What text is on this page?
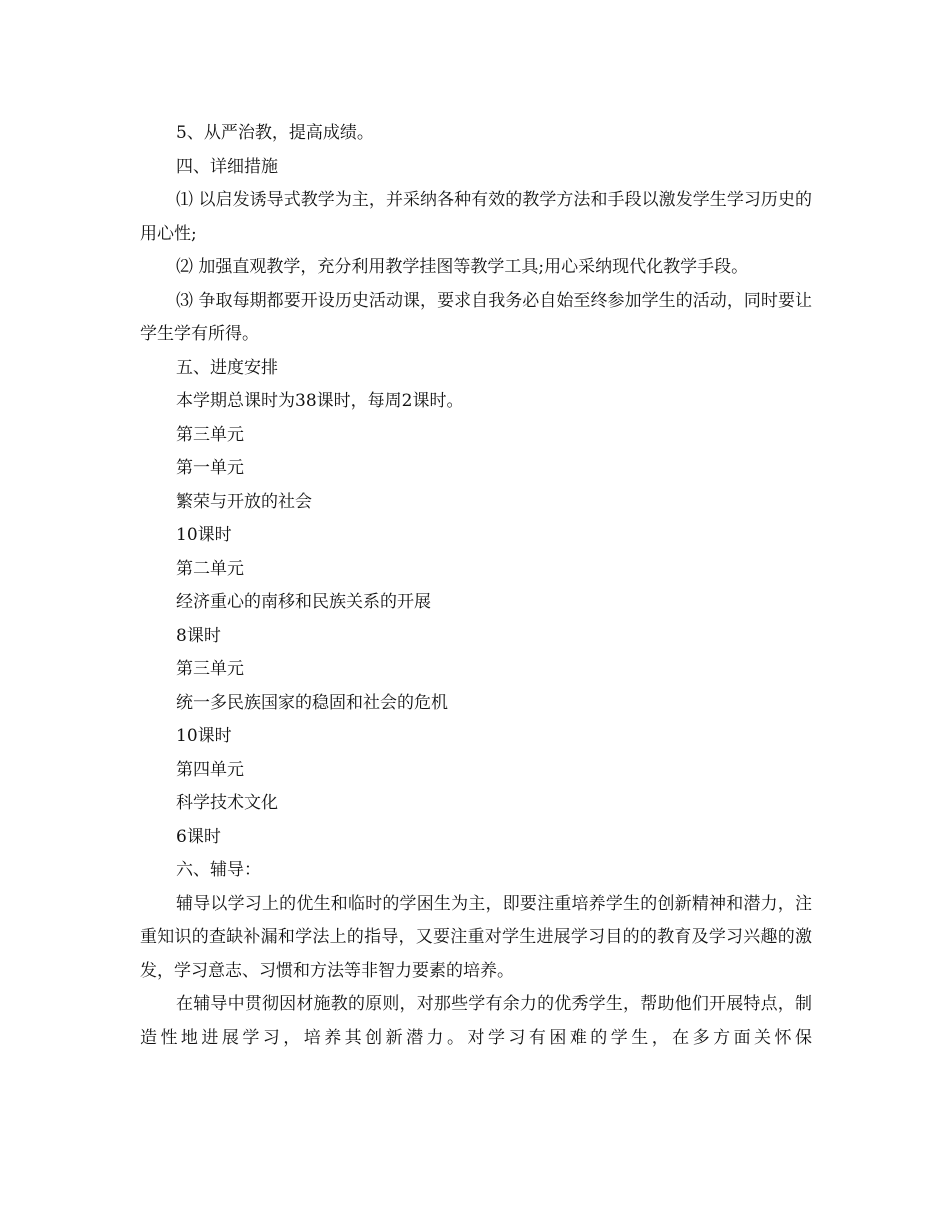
5、从严治教，提高成绩。

四、详细措施

⑴ 以启发诱导式教学为主，并采纳各种有效的教学方法和手段以激发学生学习历史的用心性;

⑵ 加强直观教学，充分利用教学挂图等教学工具;用心采纳现代化教学手段。

⑶ 争取每期都要开设历史活动课，要求自我务必自始至终参加学生的活动，同时要让学生学有所得。

五、进度安排

本学期总课时为38课时，每周2课时。

第三单元

第一单元

繁荣与开放的社会

10课时

第二单元

经济重心的南移和民族关系的开展

8课时

第三单元

统一多民族国家的稳固和社会的危机

10课时

第四单元

科学技术文化

6课时

六、辅导：

辅导以学习上的优生和临时的学困生为主，即要注重培养学生的创新精神和潜力，注重知识的查缺补漏和学法上的指导，又要注重对学生进展学习目的的教育及学习兴趣的激发，学习意志、习惯和方法等非智力要素的培养。

在辅导中贯彻因材施教的原则，对那些学有余力的优秀学生，帮助他们开展特点，制造性地进展学习，培养其创新潜力。对学习有困难的学生，在多方面关怀保
